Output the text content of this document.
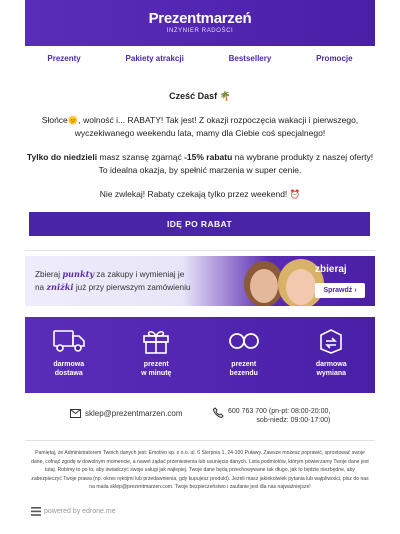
Prezentmarzeń
INŻYNIER RADOŚCI
Prezenty	Pakiety atrakcji	Bestsellery	Promocje
Cześć Dasf 🌴
Słońce🌞, wolność i... RABATY! Tak jest! Z okazji rozpoczęcia wakacji i pierwszego,
wyczekiwanego weekendu lata, mamy dla Ciebie coś specjalnego!
Tylko do niedzieli masz szansę zgarnąć -15% rabatu na wybrane produkty z naszej oferty!
To idealna okazja, by spełnić marzenia w super cenie.
Nie zwlekaj! Rabaty czekają tylko przez weekend! ⏰
IDĘ PO RABAT
Zbieraj punkty za zakupy i wymieniaj je
na zniżki już przy pierwszym zamówieniu
zbieraj
Sprawdź ›
darmowa
dostawa
prezent
w minutę
prezent
bezendu
darmowa
wymiana
sklep@prezentmarzen.com	600 763 700 (pn-pt: 08:00-20:00,
sob-niedz: 09:00-17:00)
Pamiętaj, że Administratorem Twoich danych jest: Emotivo sp. z o.o. ul. 6 Sierpnia 1, 24-100 Puławy. Zawsze możesz poprawić, sprostować swoje dane, cofnąć zgodę w dowolnym momencie, a nawet żądać przeniesienia lub usunięcia danych. Lista podmiotów, którym powierzamy Twoje dane jest tutaj. Robimy to po to, aby świadczyć swoje usługi jak najlepiej. Twoje dane będą przechowywane tak długo, jak to będzie niezbędne, aby zabezpieczyć Twoje prawa (np. okres rękojmi lub przedawnienia, gdy kupujesz produkt). Jeżeli masz jakiekolwiek pytania lub wątpliwości, pisz do nas na maila sklep@prezentmarzen.com. Twoje bezpieczeństwo i zaufanie jest dla nas najważniejsze!
powered by edrone.me
